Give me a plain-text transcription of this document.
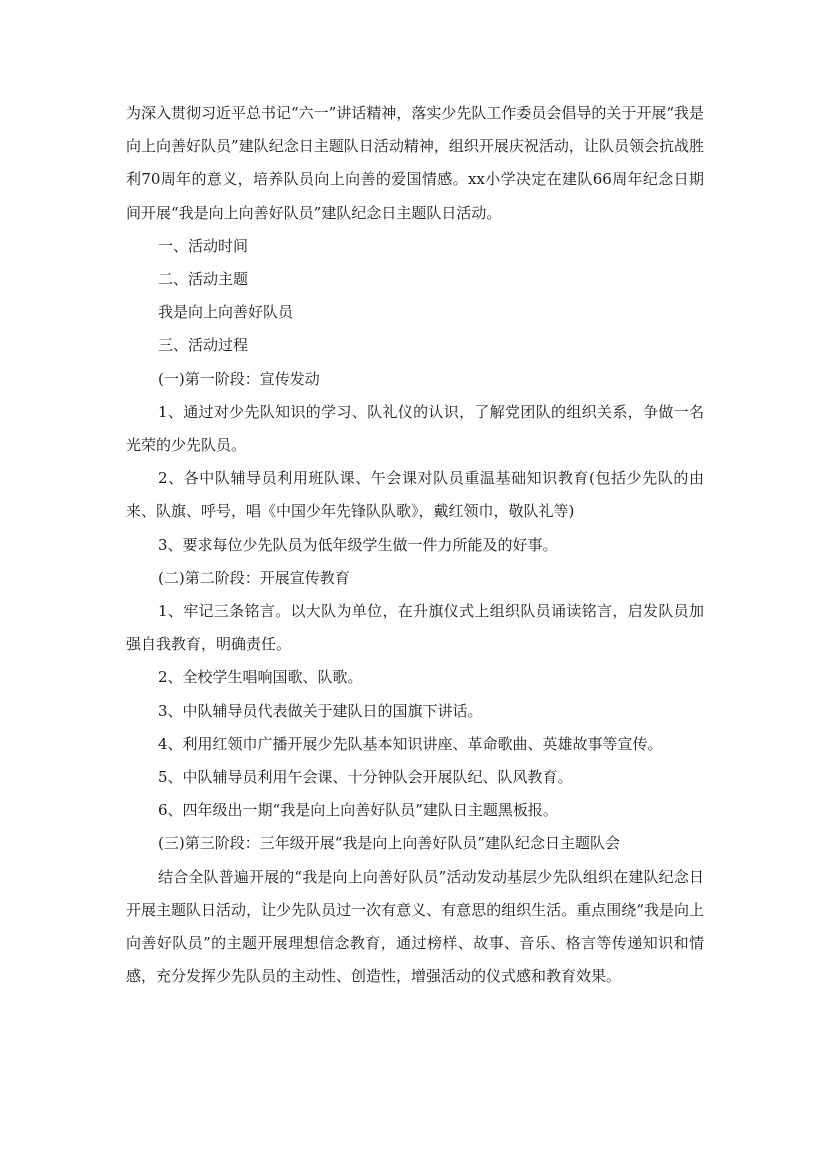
为深入贯彻习近平总书记“六一”讲话精神，落实少先队工作委员会倡导的关于开展“我是向上向善好队员”建队纪念日主题队日活动精神，组织开展庆祝活动，让队员领会抗战胜利70周年的意义，培养队员向上向善的爱国情感。xx小学决定在建队66周年纪念日期间开展“我是向上向善好队员”建队纪念日主题队日活动。

一、活动时间

二、活动主题

我是向上向善好队员

三、活动过程

(一)第一阶段：宣传发动

1、通过对少先队知识的学习、队礼仪的认识，了解党团队的组织关系，争做一名光荣的少先队员。

2、各中队辅导员利用班队课、午会课对队员重温基础知识教育(包括少先队的由来、队旗、呼号，唱《中国少年先锋队队歌》，戴红领巾，敬队礼等)

3、要求每位少先队员为低年级学生做一件力所能及的好事。

(二)第二阶段：开展宣传教育

1、牢记三条铭言。以大队为单位，在升旗仪式上组织队员诵读铭言，启发队员加强自我教育，明确责任。

2、全校学生唱响国歌、队歌。

3、中队辅导员代表做关于建队日的国旗下讲话。

4、利用红领巾广播开展少先队基本知识讲座、革命歌曲、英雄故事等宣传。

5、中队辅导员利用午会课、十分钟队会开展队纪、队风教育。

6、四年级出一期“我是向上向善好队员”建队日主题黑板报。

(三)第三阶段：三年级开展“我是向上向善好队员”建队纪念日主题队会

结合全队普遍开展的“我是向上向善好队员”活动发动基层少先队组织在建队纪念日开展主题队日活动，让少先队员过一次有意义、有意思的组织生活。重点围绕“我是向上向善好队员”的主题开展理想信念教育，通过榜样、故事、音乐、格言等传递知识和情感，充分发挥少先队员的主动性、创造性，增强活动的仪式感和教育效果。
